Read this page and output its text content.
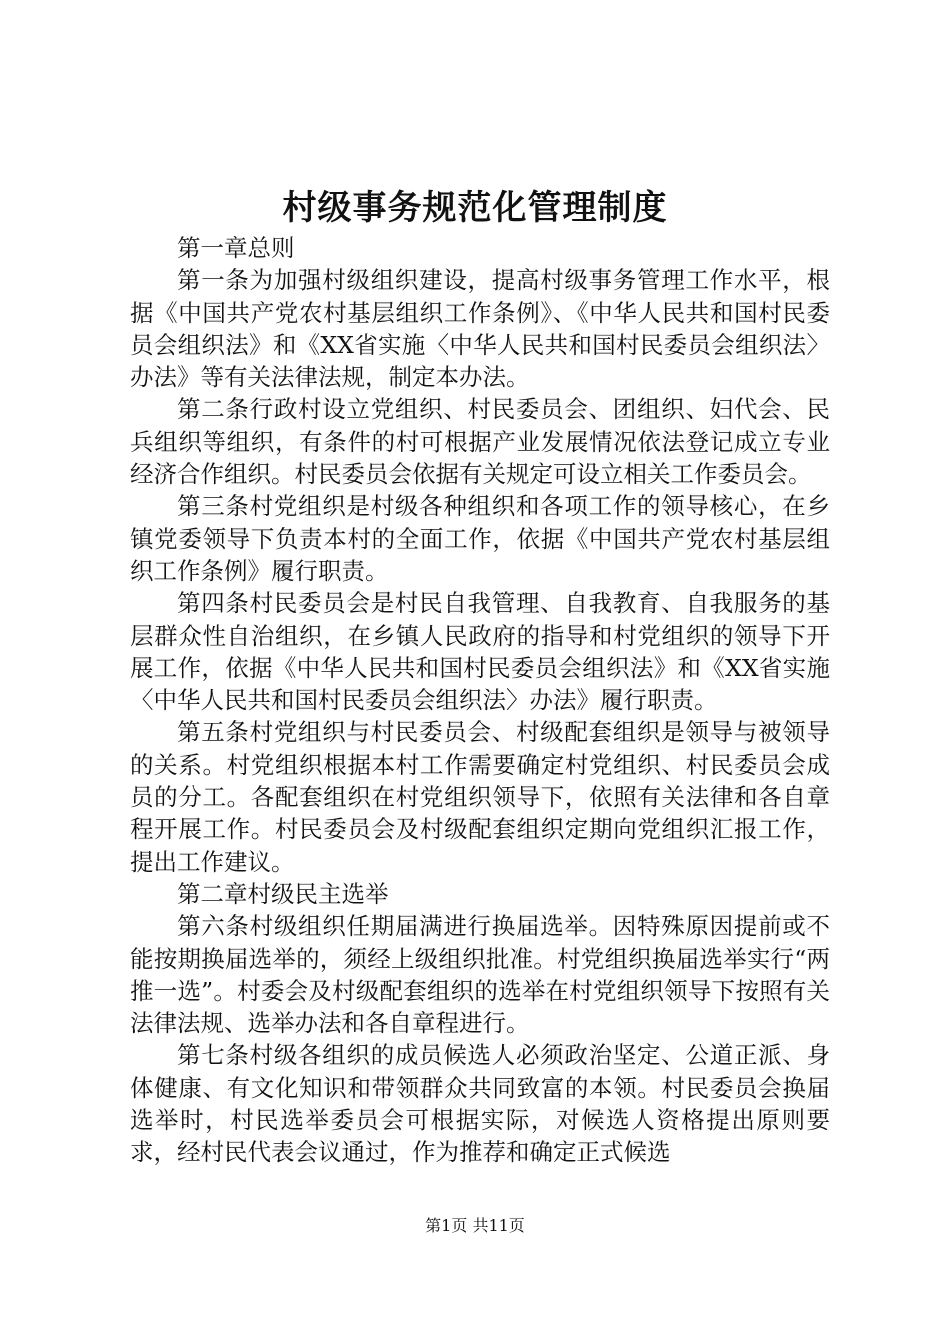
村级事务规范化管理制度

第一章总则

第一条为加强村级组织建设，提高村级事务管理工作水平，根据《中国共产党农村基层组织工作条例》、《中华人民共和国村民委员会组织法》和《XX省实施〈中华人民共和国村民委员会组织法〉办法》等有关法律法规，制定本办法。

第二条行政村设立党组织、村民委员会、团组织、妇代会、民兵组织等组织，有条件的村可根据产业发展情况依法登记成立专业经济合作组织。村民委员会依据有关规定可设立相关工作委员会。

第三条村党组织是村级各种组织和各项工作的领导核心，在乡镇党委领导下负责本村的全面工作，依据《中国共产党农村基层组织工作条例》履行职责。

第四条村民委员会是村民自我管理、自我教育、自我服务的基层群众性自治组织，在乡镇人民政府的指导和村党组织的领导下开展工作，依据《中华人民共和国村民委员会组织法》和《XX省实施〈中华人民共和国村民委员会组织法〉办法》履行职责。

第五条村党组织与村民委员会、村级配套组织是领导与被领导的关系。村党组织根据本村工作需要确定村党组织、村民委员会成员的分工。各配套组织在村党组织领导下，依照有关法律和各自章程开展工作。村民委员会及村级配套组织定期向党组织汇报工作，提出工作建议。

第二章村级民主选举

第六条村级组织任期届满进行换届选举。因特殊原因提前或不能按期换届选举的，须经上级组织批准。村党组织换届选举实行“两推一选”。村委会及村级配套组织的选举在村党组织领导下按照有关法律法规、选举办法和各自章程进行。

第七条村级各组织的成员候选人必须政治坚定、公道正派、身体健康、有文化知识和带领群众共同致富的本领。村民委员会换届选举时，村民选举委员会可根据实际，对候选人资格提出原则要求，经村民代表会议通过，作为推荐和确定正式候选

第1页 共11页
